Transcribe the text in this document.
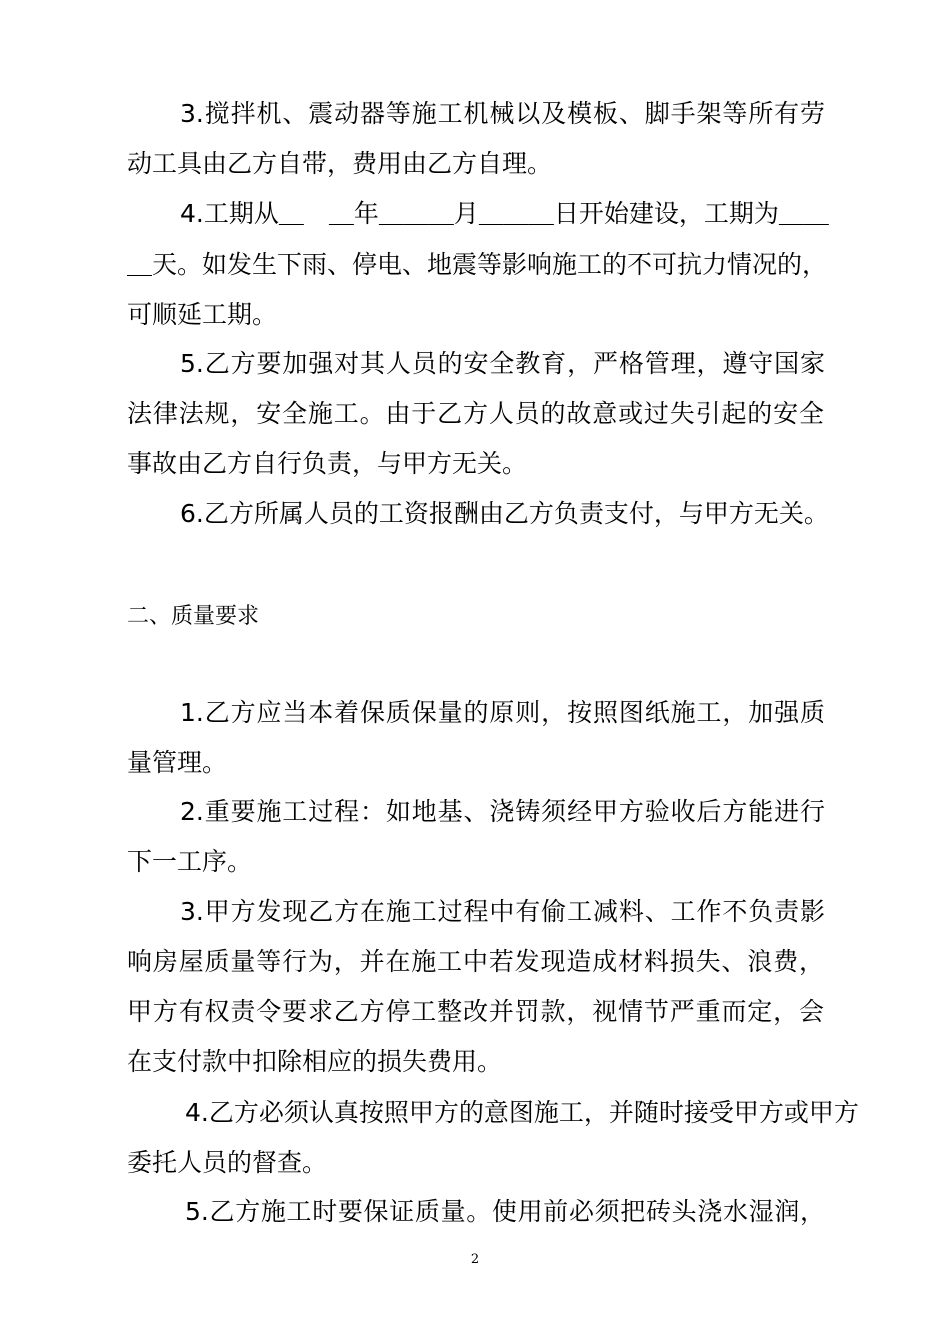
3.搅拌机、震动器等施工机械以及模板、脚手架等所有劳
动工具由乙方自带，费用由乙方自理。
4.工期从＿　＿年＿＿＿月＿＿＿日开始建设，工期为＿＿
＿天。如发生下雨、停电、地震等影响施工的不可抗力情况的，
可顺延工期。
5.乙方要加强对其人员的安全教育，严格管理，遵守国家
法律法规，安全施工。由于乙方人员的故意或过失引起的安全
事故由乙方自行负责，与甲方无关。
6.乙方所属人员的工资报酬由乙方负责支付，与甲方无关。
二、质量要求
1.乙方应当本着保质保量的原则，按照图纸施工，加强质
量管理。
2.重要施工过程：如地基、浇铸须经甲方验收后方能进行
下一工序。
3.甲方发现乙方在施工过程中有偷工减料、工作不负责影
响房屋质量等行为，并在施工中若发现造成材料损失、浪费，
甲方有权责令要求乙方停工整改并罚款，视情节严重而定，会
在支付款中扣除相应的损失费用。
4.乙方必须认真按照甲方的意图施工，并随时接受甲方或甲方
委托人员的督查。
5.乙方施工时要保证质量。使用前必须把砖头浇水湿润，
2
